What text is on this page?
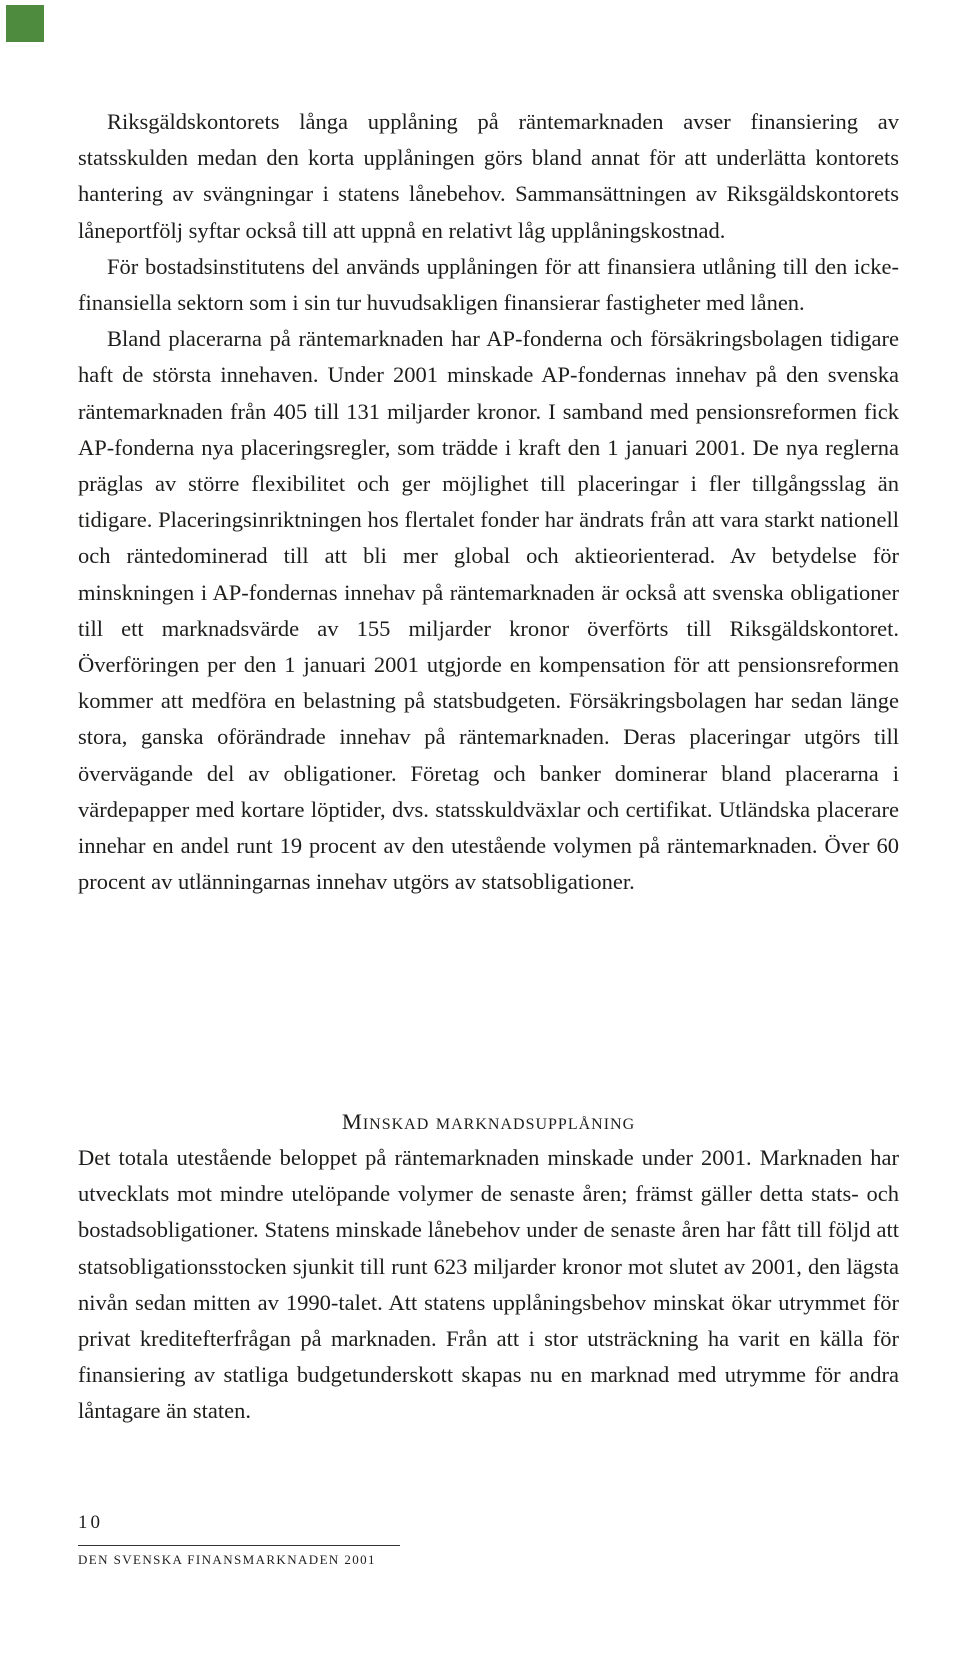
Riksgäldskontorets långa upplåning på räntemarknaden avser finansiering av statsskulden medan den korta upplåningen görs bland annat för att underlätta kontorets hantering av svängningar i statens lånebehov. Sammansättningen av Riksgäldskontorets låneportfölj syftar också till att uppnå en relativt låg upplåningskostnad.

För bostadsinstitutens del används upplåningen för att finansiera utlåning till den icke-finansiella sektorn som i sin tur huvudsakligen finansierar fastigheter med lånen.

Bland placerarna på räntemarknaden har AP-fonderna och försäkringsbolagen tidigare haft de största innehaven. Under 2001 minskade AP-fondernas innehav på den svenska räntemarknaden från 405 till 131 miljarder kronor. I samband med pensionsreformen fick AP-fonderna nya placeringsregler, som trädde i kraft den 1 januari 2001. De nya reglerna präglas av större flexibilitet och ger möjlighet till placeringar i fler tillgångsslag än tidigare. Placeringsinriktningen hos flertalet fonder har ändrats från att vara starkt nationell och räntedominerad till att bli mer global och aktieorienterad. Av betydelse för minskningen i AP-fondernas innehav på räntemarknaden är också att svenska obligationer till ett marknadsvärde av 155 miljarder kronor överförts till Riksgäldskontoret. Överföringen per den 1 januari 2001 utgjorde en kompensation för att pensionsreformen kommer att medföra en belastning på statsbudgeten. Försäkringsbolagen har sedan länge stora, ganska oförändrade innehav på räntemarknaden. Deras placeringar utgörs till övervägande del av obligationer. Företag och banker dominerar bland placerarna i värdepapper med kortare löptider, dvs. statsskuldväxlar och certifikat. Utländska placerare innehar en andel runt 19 procent av den utestående volymen på räntemarknaden. Över 60 procent av utlänningarnas innehav utgörs av statsobligationer.

Minskad marknadsupplåning

Det totala utestående beloppet på räntemarknaden minskade under 2001. Marknaden har utvecklats mot mindre utelöpande volymer de senaste åren; främst gäller detta stats- och bostadsobligationer. Statens minskade lånebehov under de senaste åren har fått till följd att statsobligationsstocken sjunkit till runt 623 miljarder kronor mot slutet av 2001, den lägsta nivån sedan mitten av 1990-talet. Att statens upplåningsbehov minskat ökar utrymmet för privat kreditefterfrågan på marknaden. Från att i stor utsträckning ha varit en källa för finansiering av statliga budgetunderskott skapas nu en marknad med utrymme för andra låntagare än staten.

10
DEN SVENSKA FINANSMARKNADEN 2001
